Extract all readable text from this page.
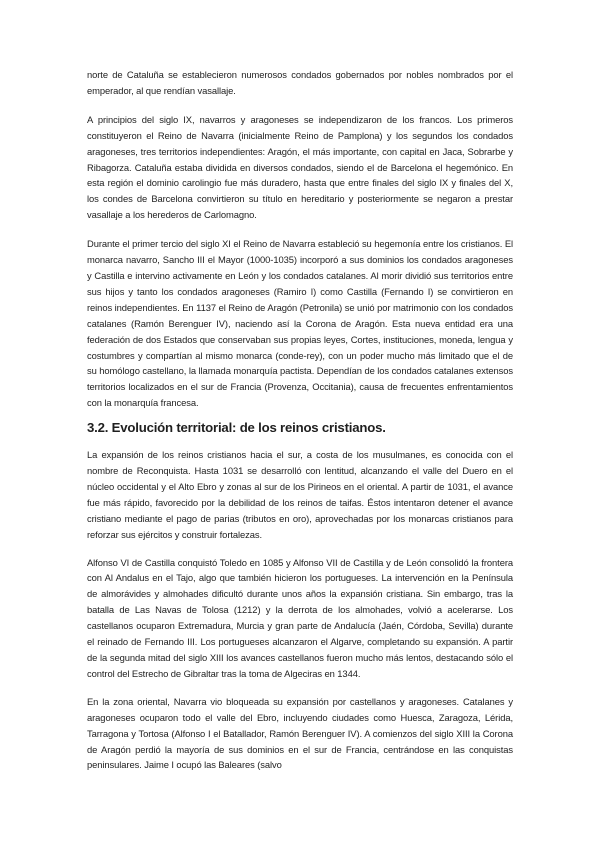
norte de Cataluña se establecieron numerosos condados gobernados por nobles nombrados por el emperador, al que rendían vasallaje.

A principios del siglo IX, navarros y aragoneses se independizaron de los francos. Los primeros constituyeron el Reino de Navarra (inicialmente Reino de Pamplona) y los segundos los condados aragoneses, tres territorios independientes: Aragón, el más importante, con capital en Jaca, Sobrarbe y Ribagorza. Cataluña estaba dividida en diversos condados, siendo el de Barcelona el hegemónico. En esta región el dominio carolingio fue más duradero, hasta que entre finales del siglo IX y finales del X, los condes de Barcelona convirtieron su título en hereditario y posteriormente se negaron a prestar vasallaje a los herederos de Carlomagno.

Durante el primer tercio del siglo XI el Reino de Navarra estableció su hegemonía entre los cristianos. El monarca navarro, Sancho III el Mayor (1000-1035) incorporó a sus dominios los condados aragoneses y Castilla e intervino activamente en León y los condados catalanes. Al morir dividió sus territorios entre sus hijos y tanto los condados aragoneses (Ramiro I) como Castilla (Fernando I) se convirtieron en reinos independientes. En 1137 el Reino de Aragón (Petronila) se unió por matrimonio con los condados catalanes (Ramón Berenguer IV), naciendo así la Corona de Aragón. Esta nueva entidad era una federación de dos Estados que conservaban sus propias leyes, Cortes, instituciones, moneda, lengua y costumbres y compartían al mismo monarca (conde-rey), con un poder mucho más limitado que el de su homólogo castellano, la llamada monarquía pactista. Dependían de los condados catalanes extensos territorios localizados en el sur de Francia (Provenza, Occitania), causa de frecuentes enfrentamientos con la monarquía francesa.

3.2. Evolución territorial: de los reinos cristianos.

La expansión de los reinos cristianos hacia el sur, a costa de los musulmanes, es conocida con el nombre de Reconquista. Hasta 1031 se desarrolló con lentitud, alcanzando el valle del Duero en el núcleo occidental y el Alto Ebro y zonas al sur de los Pirineos en el oriental. A partir de 1031, el avance fue más rápido, favorecido por la debilidad de los reinos de taifas. Éstos intentaron detener el avance cristiano mediante el pago de parias (tributos en oro), aprovechadas por los monarcas cristianos para reforzar sus ejércitos y construir fortalezas.

Alfonso VI de Castilla conquistó Toledo en 1085 y Alfonso VII de Castilla y de León consolidó la frontera con Al Andalus en el Tajo, algo que también hicieron los portugueses. La intervención en la Península de almorávides y almohades dificultó durante unos años la expansión cristiana. Sin embargo, tras la batalla de Las Navas de Tolosa (1212) y la derrota de los almohades, volvió a acelerarse. Los castellanos ocuparon Extremadura, Murcia y gran parte de Andalucía (Jaén, Córdoba, Sevilla) durante el reinado de Fernando III. Los portugueses alcanzaron el Algarve, completando su expansión. A partir de la segunda mitad del siglo XIII los avances castellanos fueron mucho más lentos, destacando sólo el control del Estrecho de Gibraltar tras la toma de Algeciras en 1344.

En la zona oriental, Navarra vio bloqueada su expansión por castellanos y aragoneses. Catalanes y aragoneses ocuparon todo el valle del Ebro, incluyendo ciudades como Huesca, Zaragoza, Lérida, Tarragona y Tortosa (Alfonso I el Batallador, Ramón Berenguer IV). A comienzos del siglo XIII la Corona de Aragón perdió la mayoría de sus dominios en el sur de Francia, centrándose en las conquistas peninsulares. Jaime I ocupó las Baleares (salvo
